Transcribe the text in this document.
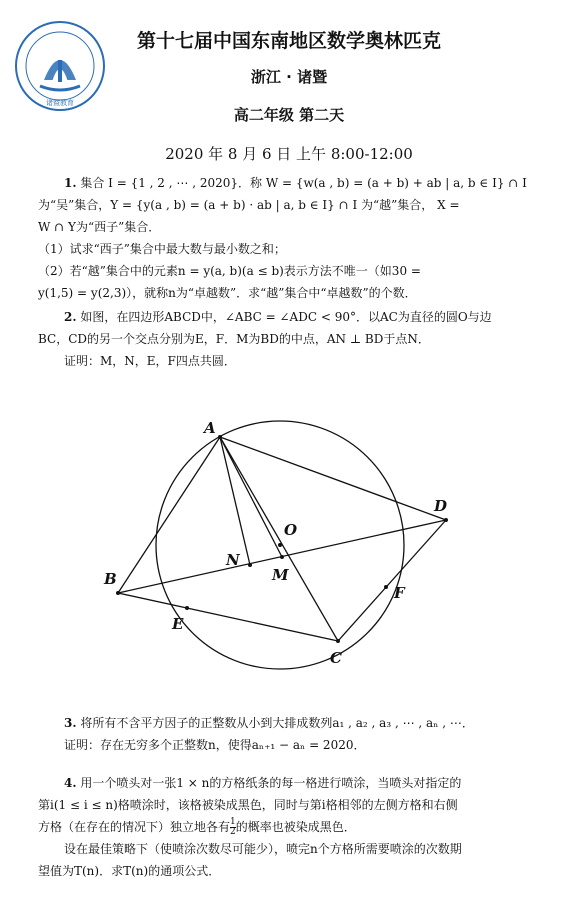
诸暨教育
第十七届中国东南地区数学奥林匹克
浙江 · 诸暨
高二年级 第二天
2020 年 8 月 6 日 上午 8:00-12:00
1. 集合 I = {1 , 2 , ⋯ , 2020}．称 W = {w(a , b) = (a + b) + ab | a, b ∈ I} ∩ I
为“吴”集合，Y = {y(a , b) = (a + b) · ab | a, b ∈ I} ∩ I 为“越”集合， X =
W ∩ Y为“西子”集合．
（1）试求“西子”集合中最大数与最小数之和；
（2）若“越”集合中的元素n = y(a, b)(a ≤ b)表示方法不唯一（如30 =
y(1,5) = y(2,3)），就称n为“卓越数”．求“越”集合中“卓越数”的个数．
2. 如图，在四边形ABCD中，∠ABC = ∠ADC < 90°．以AC为直径的圆O与边
BC，CD的另一个交点分别为E，F．M为BD的中点，AN ⊥ BD于点N．
证明：M，N，E，F四点共圆．
A
B
C
D
E
F
M
N
O
3. 将所有不含平方因子的正整数从小到大排成数列a₁ , a₂ , a₃ , ⋯ , aₙ , ⋯．
证明：存在无穷多个正整数n，使得aₙ₊₁ − aₙ = 2020．
4. 用一个喷头对一张1 × n的方格纸条的每一格进行喷涂，当喷头对指定的
第i(1 ≤ i ≤ n)格喷涂时，该格被染成黑色，同时与第i格相邻的左侧方格和右侧
方格（在存在的情况下）独立地各有 $\frac{1}{2}$ 的概率也被染成黑色．
设在最佳策略下（使喷涂次数尽可能少），喷完n个方格所需要喷涂的次数期
望值为T(n)．求T(n)的通项公式．
